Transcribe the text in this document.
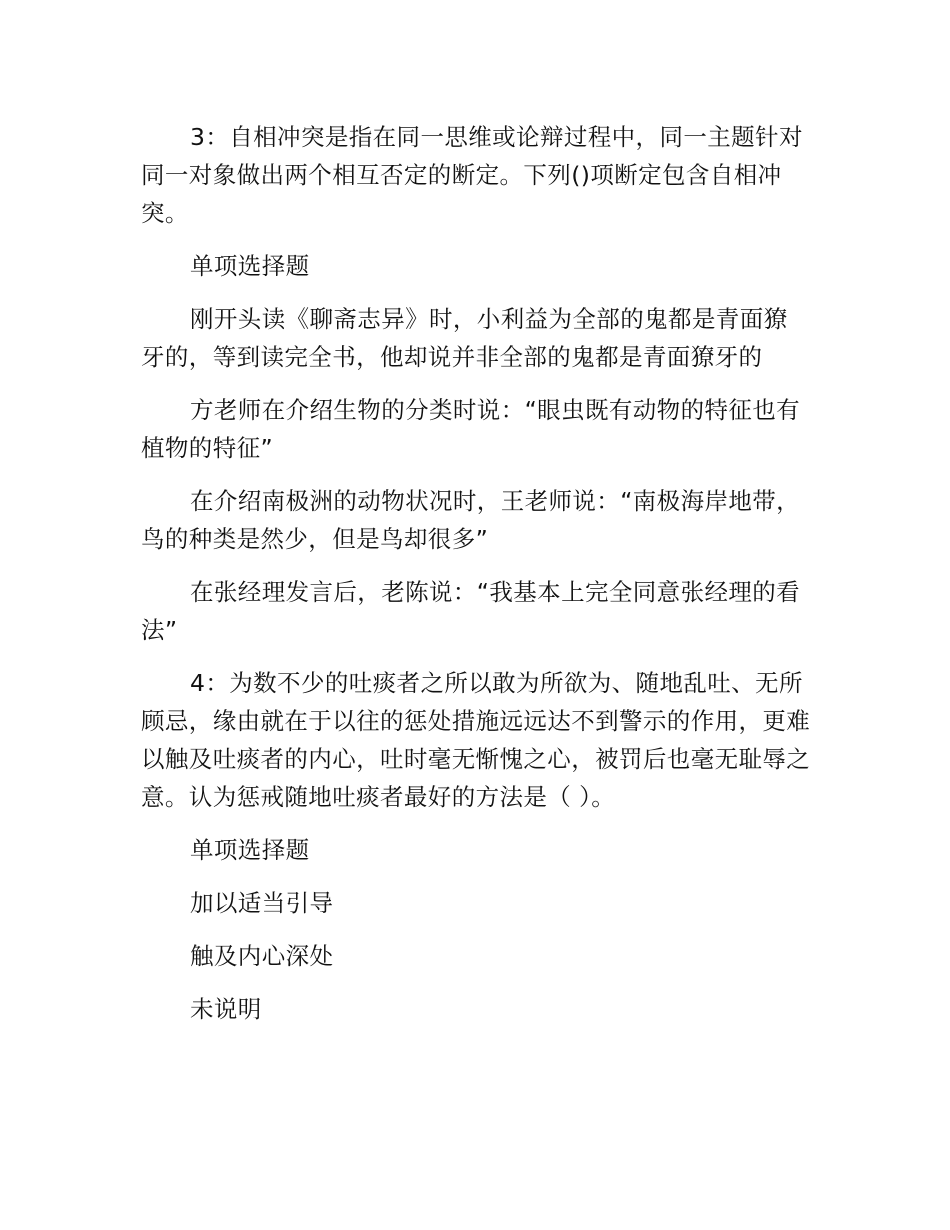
3：自相冲突是指在同一思维或论辩过程中，同一主题针对同一对象做出两个相互否定的断定。下列()项断定包含自相冲突。

单项选择题

刚开头读《聊斋志异》时，小利益为全部的鬼都是青面獠牙的，等到读完全书，他却说并非全部的鬼都是青面獠牙的

方老师在介绍生物的分类时说：“眼虫既有动物的特征也有植物的特征”

在介绍南极洲的动物状况时，王老师说：“南极海岸地带，鸟的种类是然少，但是鸟却很多”

在张经理发言后，老陈说：“我基本上完全同意张经理的看法”

4：为数不少的吐痰者之所以敢为所欲为、随地乱吐、无所顾忌，缘由就在于以往的惩处措施远远达不到警示的作用，更难以触及吐痰者的内心，吐时毫无惭愧之心，被罚后也毫无耻辱之意。认为惩戒随地吐痰者最好的方法是（ ）。

单项选择题

加以适当引导

触及内心深处

未说明
